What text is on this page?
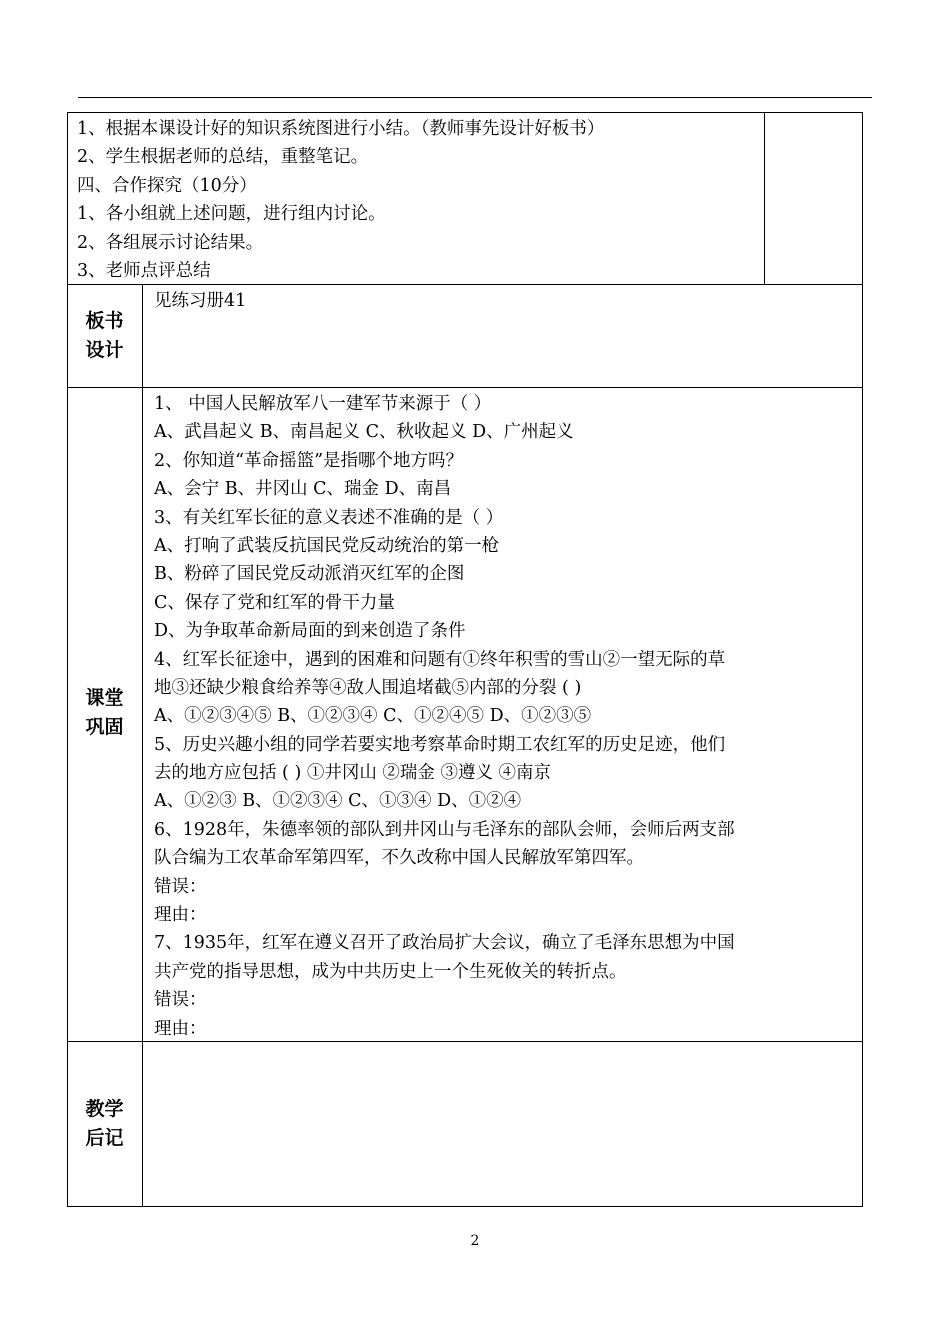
1、根据本课设计好的知识系统图进行小结。（教师事先设计好板书）
2、学生根据老师的总结，重整笔记。
四、合作探究（10分）
1、各小组就上述问题，进行组内讨论。
2、各组展示讨论结果。
3、老师点评总结
板书
设计
见练习册41
课堂
巩固
1、 中国人民解放军八一建军节来源于（ ）
A、武昌起义 B、南昌起义 C、秋收起义 D、广州起义
2、你知道“革命摇篮”是指哪个地方吗？
A、会宁 B、井冈山 C、瑞金 D、南昌
3、有关红军长征的意义表述不准确的是（ ）
A、打响了武装反抗国民党反动统治的第一枪
B、粉碎了国民党反动派消灭红军的企图
C、保存了党和红军的骨干力量
D、为争取革命新局面的到来创造了条件
4、红军长征途中，遇到的困难和问题有①终年积雪的雪山②一望无际的草
地③还缺少粮食给养等④敌人围追堵截⑤内部的分裂 ( )
A、①②③④⑤ B、①②③④ C、①②④⑤ D、①②③⑤
5、历史兴趣小组的同学若要实地考察革命时期工农红军的历史足迹，他们
去的地方应包括 ( ) ①井冈山 ②瑞金 ③遵义 ④南京
A、①②③ B、①②③④ C、①③④ D、①②④
6、1928年，朱德率领的部队到井冈山与毛泽东的部队会师，会师后两支部
队合编为工农革命军第四军，不久改称中国人民解放军第四军。
错误：
理由：
7、1935年，红军在遵义召开了政治局扩大会议，确立了毛泽东思想为中国
共产党的指导思想，成为中共历史上一个生死攸关的转折点。
错误：
理由：
教学
后记
2
